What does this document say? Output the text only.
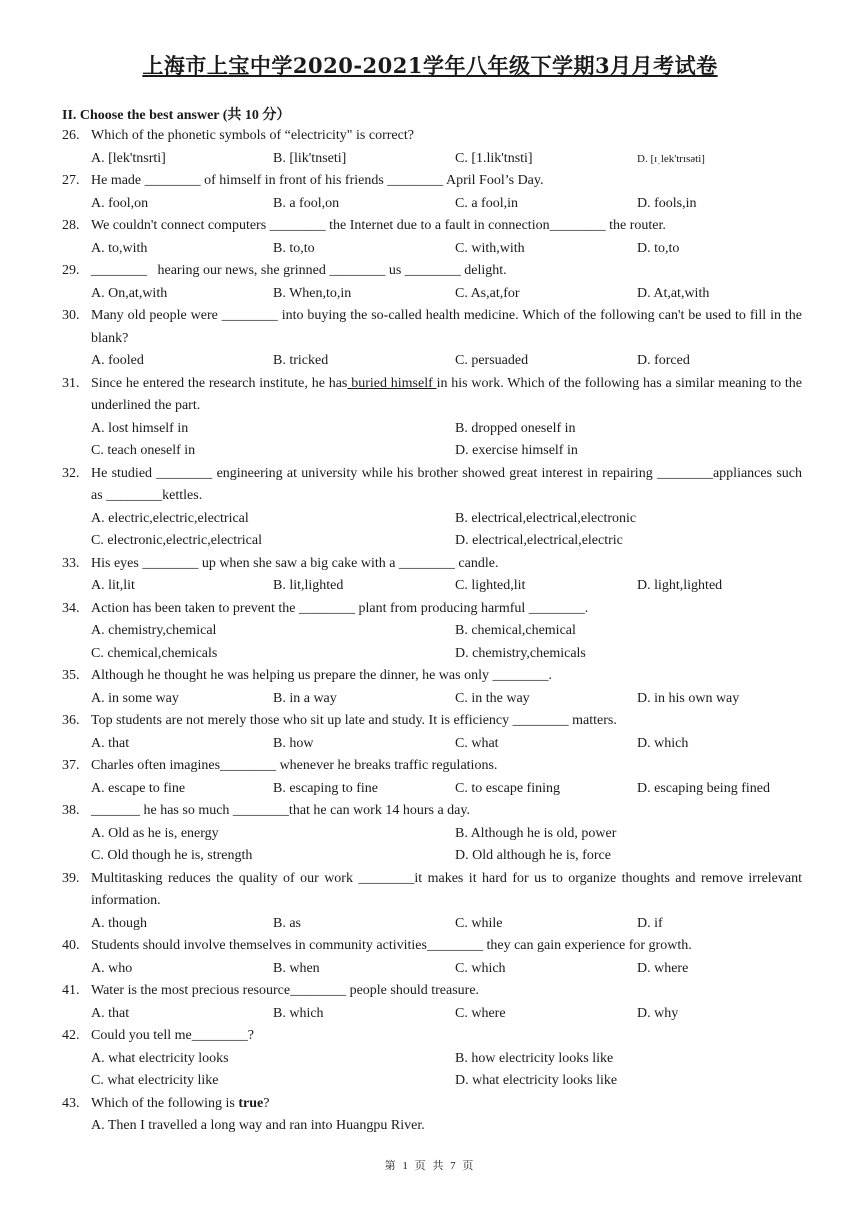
上海市上宝中学2020-2021学年八年级下学期3月月考试卷
II. Choose the best answer (共 10 分）
26. Which of the phonetic symbols of “electricity" is correct?
A. [lek'tnsrti]	B. [lik'tnseti]	C. [1.lik'tnsti]	D. [ɪˌlek'trɪsəti]
27. He made ________ of himself in front of his friends ________ April Fool’s Day.
A. fool,on	B. a fool,on	C. a fool,in	D. fools,in
28. We couldn't connect computers ________ the Internet due to a fault in connection________ the router.
A. to,with	B. to,to	C. with,with	D. to,to
29. ________   hearing our news, she grinned ________ us ________ delight.
A. On,at,with	B. When,to,in	C. As,at,for	D. At,at,with
30. Many old people were ________ into buying the so-called health medicine. Which of the following can't be used to fill in the blank?
A. fooled	B. tricked	C. persuaded	D. forced
31. Since he entered the research institute, he has buried himself in his work. Which of the following has a similar meaning to the underlined the part.
A. lost himself in	B. dropped oneself in
C. teach oneself in	D. exercise himself in
32. He studied ________ engineering at university while his brother showed great interest in repairing ________appliances such as ________kettles.
A. electric,electric,electrical	B. electrical,electrical,electronic
C. electronic,electric,electrical	D. electrical,electrical,electric
33. His eyes ________ up when she saw a big cake with a ________ candle.
A. lit,lit	B. lit,lighted	C. lighted,lit	D. light,lighted
34. Action has been taken to prevent the ________ plant from producing harmful ________.
A. chemistry,chemical	B. chemical,chemical
C. chemical,chemicals	D. chemistry,chemicals
35. Although he thought he was helping us prepare the dinner, he was only ________.
A. in some way	B. in a way	C. in the way	D. in his own way
36. Top students are not merely those who sit up late and study. It is efficiency ________ matters.
A. that	B. how	C. what	D. which
37. Charles often imagines________ whenever he breaks traffic regulations.
A. escape to fine	B. escaping to fine	C. to escape fining	D. escaping being fined
38. _______ he has so much ________that he can work 14 hours a day.
A. Old as he is, energy	B. Although he is old, power
C. Old though he is, strength	D. Old although he is, force
39. Multitasking reduces the quality of our work ________it makes it hard for us to organize thoughts and remove irrelevant information.
A. though	B. as	C. while	D. if
40. Students should involve themselves in community activities________ they can gain experience for growth.
A. who	B. when	C. which	D. where
41. Water is the most precious resource________ people should treasure.
A. that	B. which	C. where	D. why
42. Could you tell me________?
A. what electricity looks	B. how electricity looks like
C. what electricity like	D. what electricity looks like
43. Which of the following is true?
A. Then I travelled a long way and ran into Huangpu River.
第 1 页 共 7 页
